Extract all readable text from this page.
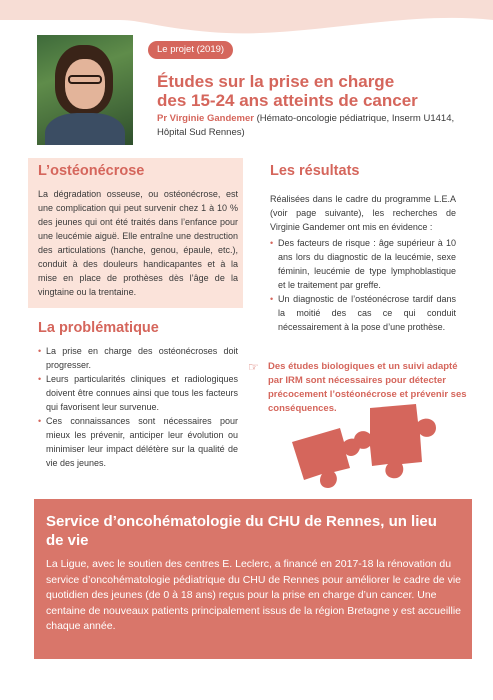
Le projet (2019)
Études sur la prise en charge
des 15-24 ans atteints de cancer
Pr Virginie Gandemer (Hémato-oncologie pédiatrique, Inserm U1414,
Hôpital Sud Rennes)
L’ostéonécrose

La dégradation osseuse, ou ostéonécrose, est une complication qui peut survenir chez 1 à 10 % des jeunes qui ont été traités dans l’enfance pour une leucémie aiguë. Elle entraîne une destruction des articulations (hanche, genou, épaule, etc.), conduit à des douleurs handicapantes et à la mise en place de prothèses dès l’âge de la vingtaine ou la trentaine.

La problématique
• La prise en charge des ostéonécroses doit progresser.
• Leurs particularités cliniques et radiologiques doivent être connues ainsi que tous les facteurs qui favorisent leur survenue.
• Ces connaissances sont nécessaires pour mieux les prévenir, anticiper leur évolution ou minimiser leur impact délétère sur la qualité de vie des jeunes.
Les résultats

Réalisées dans le cadre du programme L.E.A (voir page suivante), les recherches de Virginie Gandemer ont mis en évidence :

• Des facteurs de risque : âge supérieur à 10 ans lors du diagnostic de la leucémie, sexe féminin, leucémie de type lymphoblastique et le traitement par greffe.
• Un diagnostic de l’ostéonécrose tardif dans la moitié des cas ce qui conduit nécessairement à la pose d’une prothèse.
☞ Des études biologiques et un suivi adapté par IRM sont nécessaires pour détecter précocement l’ostéonécrose et prévenir ses conséquences.
Service d’oncohématologie du CHU de Rennes, un lieu de vie

La Ligue, avec le soutien des centres E. Leclerc, a financé en 2017-18 la rénovation du service d’oncohématologie pédiatrique du CHU de Rennes pour améliorer le cadre de vie quotidien des jeunes (de 0 à 18 ans) reçus pour la prise en charge d’un cancer. Une centaine de nouveaux patients principalement issus de la région Bretagne y est accueillie chaque année.
